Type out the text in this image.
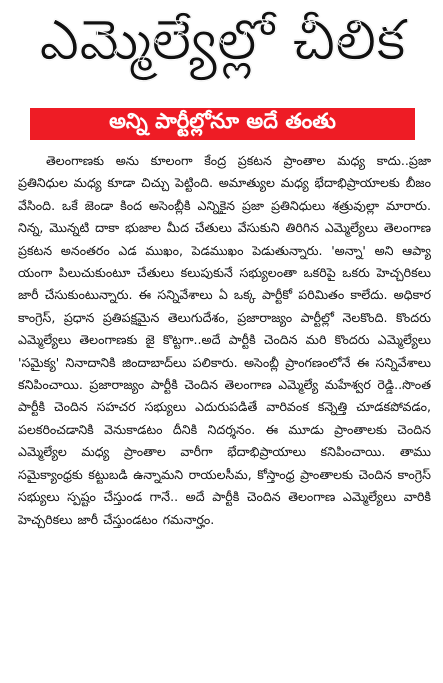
ఎమ్మెల్యేల్లో చీలిక
అన్ని పార్టీల్లోనూ అదే తంతు

తెలంగాణకు అను కూలంగా కేంద్ర ప్రకటన ప్రాంతాల మధ్య కాదు..ప్రజా ప్రతినిధుల మధ్య కూడా చిచ్చు పెట్టింది. అమాత్యుల మధ్య భేదాభిప్రాయాలకు బీజం వేసింది. ఒకే జెండా కింద అసెంబ్లీకి ఎన్నికైన ప్రజా ప్రతినిధులు శత్రువుల్లా మారారు. నిన్న, మొన్నటి దాకా భుజాల మీద చేతులు వేసుకుని తిరిగిన ఎమ్మెల్యేలు తెలంగాణ ప్రకటన అనంతరం ఎడ ముఖం, పెడముఖం పెడుతున్నారు. 'అన్నా' అని ఆప్యా యంగా పిలుచుకుంటూ చేతులు కలుపుకునే సభ్యులంతా ఒకరిపై ఒకరు హెచ్చరికలు జారీ చేసుకుంటున్నారు. ఈ సన్నివేశాలు ఏ ఒక్క పార్టీకో పరిమితం కాలేదు. అధికార కాంగ్రెస్, ప్రధాన ప్రతిపక్షమైన తెలుగుదేశం, ప్రజారాజ్యం పార్టీల్లో నెలకొంది. కొందరు ఎమ్మెల్యేలు తెలంగాణకు జై కొట్టగా..అదే పార్టీకి చెందిన మరి కొందరు ఎమ్మెల్యేలు 'సమైక్య' నినాదానికి జిందాబాద్‌లు పలికారు. అసెంబ్లీ ప్రాంగణంలోనే ఈ సన్నివేశాలు కనిపించాయి. ప్రజారాజ్యం పార్టీకి చెందిన తెలంగాణ ఎమ్మెల్యే మహేశ్వర రెడ్డి..సొంత పార్టీకి చెందిన సహచర సభ్యులు ఎదురుపడితే వారివంక కన్నెత్తి చూడకపోవడం, పలకరించడానికి వెనుకాడటం దీనికి నిదర్శనం. ఈ మూడు ప్రాంతాలకు చెందిన ఎమ్మెల్యేల మధ్య ప్రాంతాల వారీగా భేదాభిప్రాయాలు కనిపించాయి. తాము సమైక్యాంధ్రకు కట్టుబడి ఉన్నామని రాయలసీమ, కోస్తాంధ్ర ప్రాంతాలకు చెందిన కాంగ్రెస్ సభ్యులు స్పష్టం చేస్తుండ గానే.. అదే పార్టీకి చెందిన తెలంగాణ ఎమ్మెల్యేలు వారికి హెచ్చరికలు జారీ చేస్తుండటం గమనార్హం.
